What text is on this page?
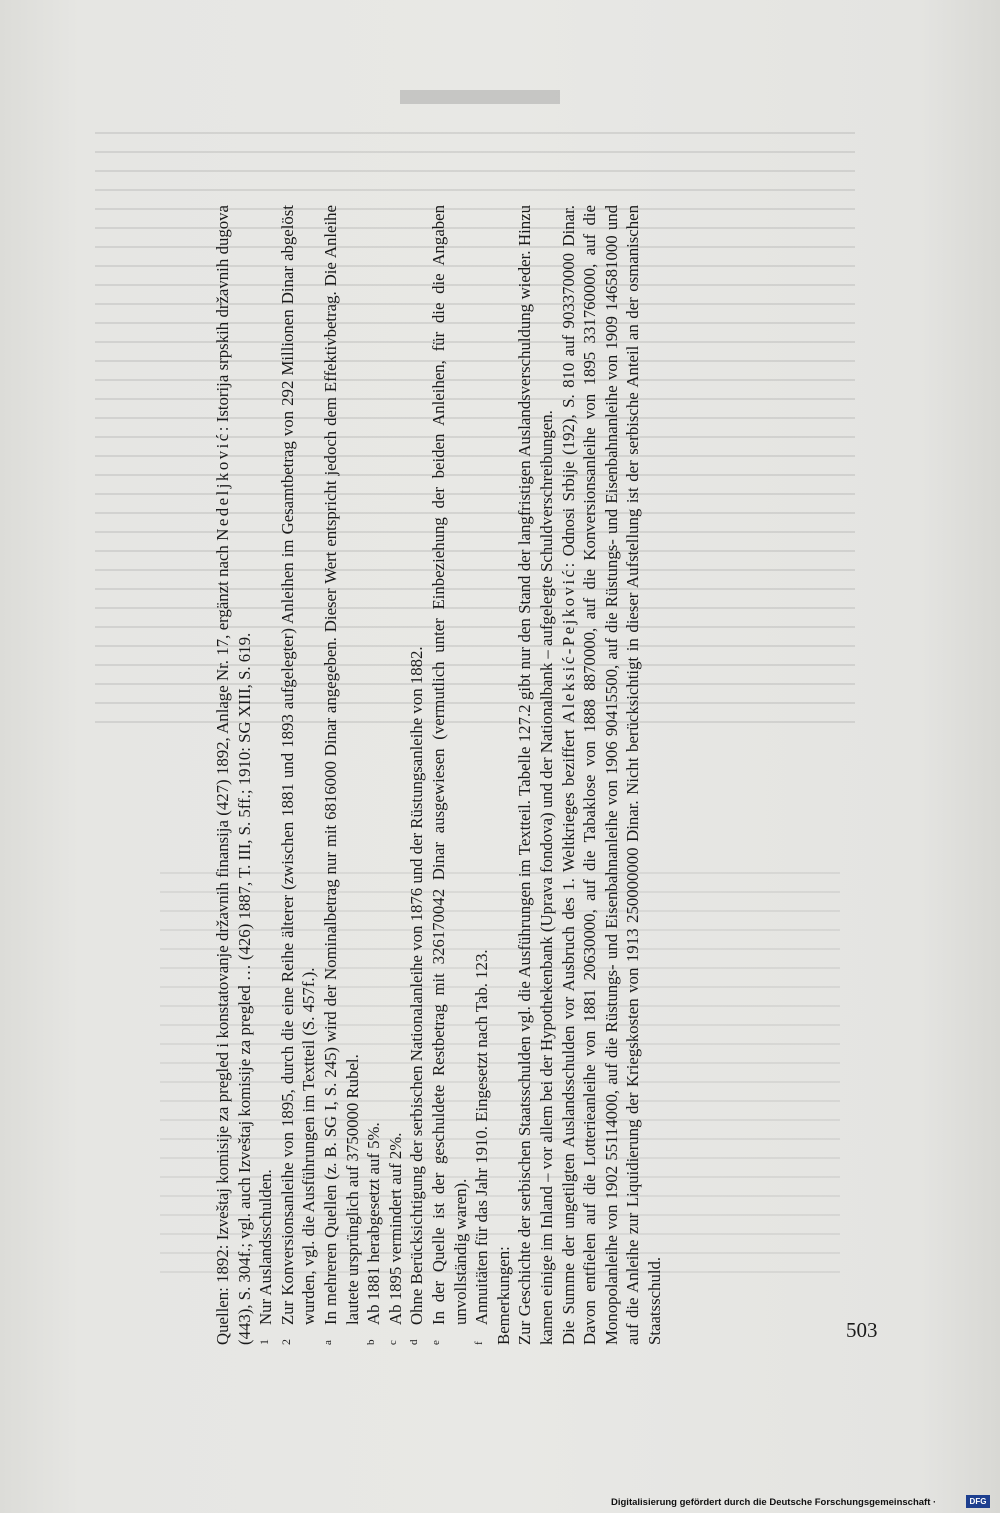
Quellen: 1892: Izveštaj komisije za pregled i konstatovanje državnih finansija (427) 1892, Anlage Nr. 17, ergänzt nach Nedeljković: Istorija srpskih državnih dugova (443), S. 304f.; vgl. auch Izveštaj komisije za pregled … (426) 1887, T. III, S. 5ff.; 1910: SG XIII, S. 619. 1
Nur Auslandsschulden.

2
Zur Konversionsanleihe von 1895, durch die eine Reihe älterer (zwischen 1881 und 1893 aufgelegter) Anleihen im Gesamtbetrag von 292 Millionen Dinar abgelöst wurden, vgl. die Ausführungen im Textteil (S. 457f.).

a
In mehreren Quellen (z. B. SG I, S. 245) wird der Nominalbetrag nur mit 6816000 Dinar angegeben. Dieser Wert entspricht jedoch dem Effektivbetrag. Die Anleihe lautete ursprünglich auf 3750000 Rubel.

b
Ab 1881 herabgesetzt auf 5%.

c
Ab 1895 vermindert auf 2%.

d
Ohne Berücksichtigung der serbischen Nationalanleihe von 1876 und der Rüstungsanleihe von 1882.

e
In der Quelle ist der geschuldete Restbetrag mit 326170042 Dinar ausgewiesen (vermutlich unter Einbeziehung der beiden Anleihen, für die die Angaben unvollständig waren).

f
Annuitäten für das Jahr 1910. Eingesetzt nach Tab. 123. Bemerkungen: Zur Geschichte der serbischen Staatsschulden vgl. die Ausführungen im Textteil. Tabelle 127.2 gibt nur den Stand der langfristigen Auslandsverschuldung wieder. Hinzu kamen einige im Inland – vor allem bei der Hypothekenbank (Uprava fondova) und der Nationalbank – aufgelegte Schuldverschreibungen. Die Summe der ungetilgten Auslandsschulden vor Ausbruch des 1. Weltkrieges beziffert Aleksić-Pejković: Odnosi Srbije (192), S. 810 auf 903370000 Dinar. Davon entfielen auf die Lotterieanleihe von 1881 20630000, auf die Tabaklose von 1888 8870000, auf die Konversionsanleihe von 1895 331760000, auf die Monopolanleihe von 1902 55114000, auf die Rüstungs- und Eisenbahnanleihe von 1906 90415500, auf die Rüstungs- und Eisenbahnanleihe von 1909 146581000 und auf die Anleihe zur Liquidierung der Kriegskosten von 1913 250000000 Dinar. Nicht berücksichtigt in dieser Aufstellung ist der serbische Anteil an der osmanischen Staatsschuld.	503
Digitalisierung gefördert durch die Deutsche Forschungsgemeinschaft ·	DFG
